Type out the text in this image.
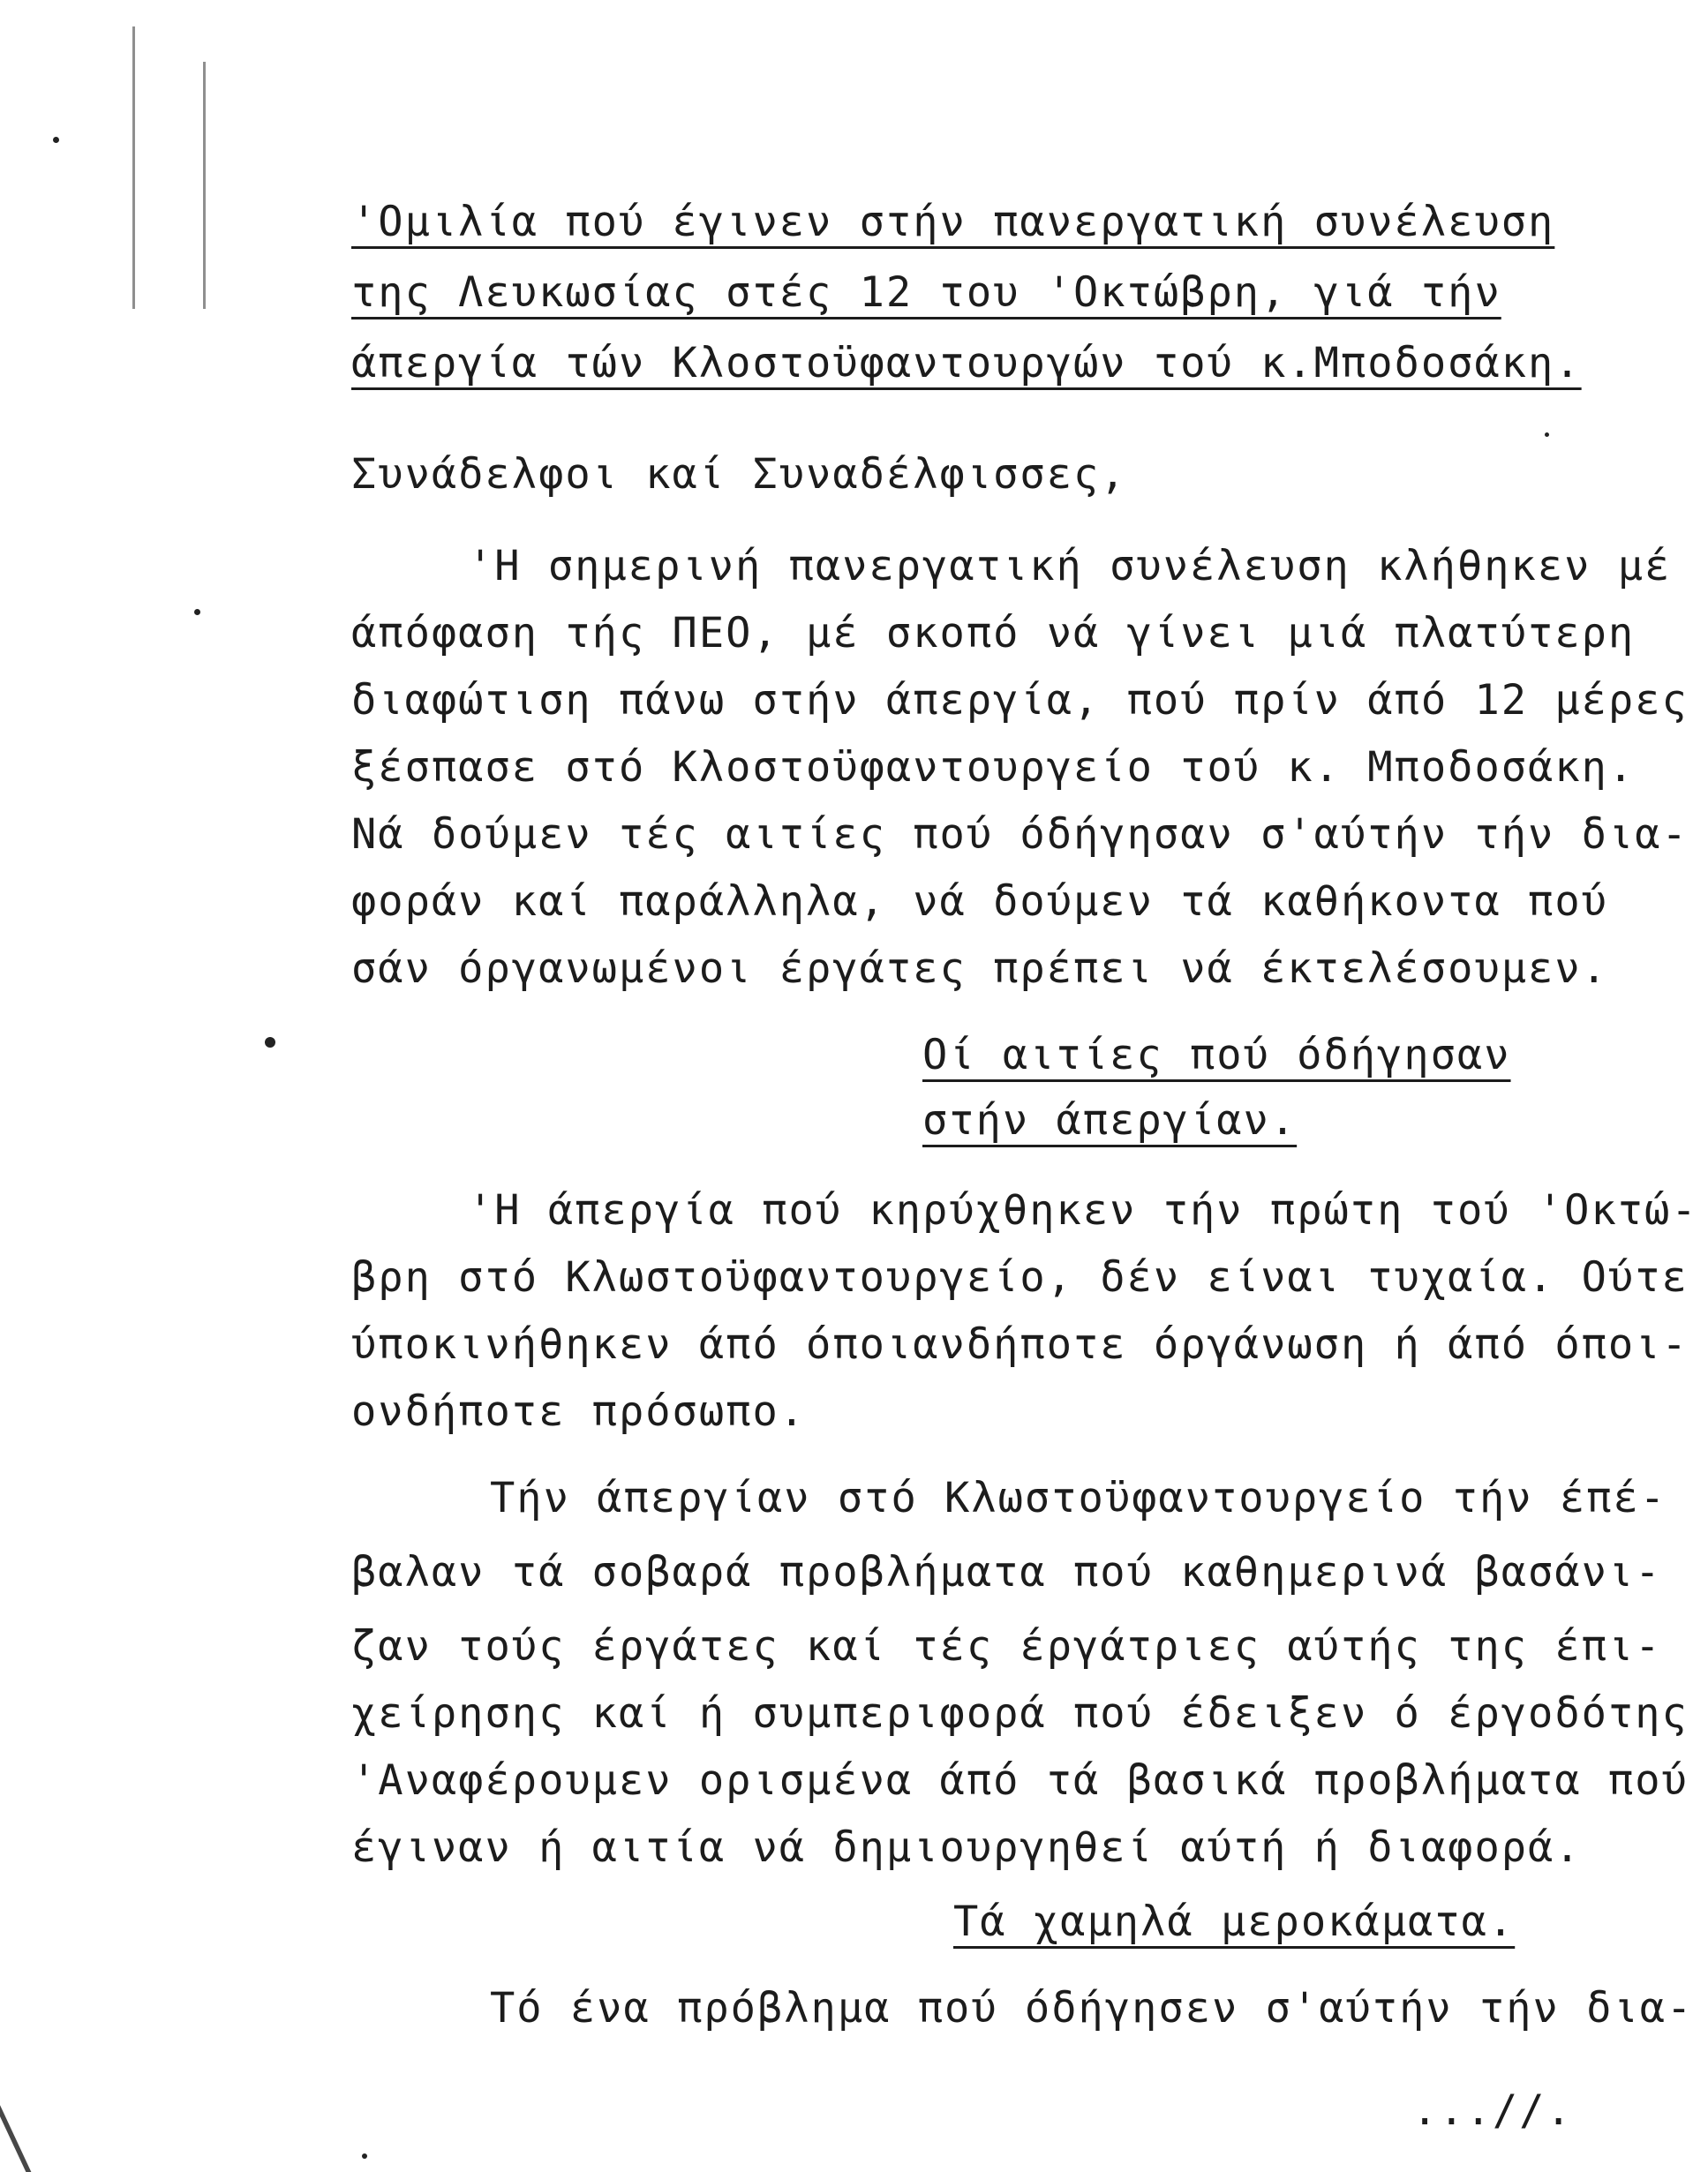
'Ομιλία πού έγινεν στήν πανεργατική συνέλευση
της Λευκωσίας στές 12 του 'Οκτώβρη, γιά τήν
άπεργία τών Κλοστοϋφαντουργών τού κ.Μποδοσάκη.
Συνάδελφοι καί Συναδέλφισσες,
'Η σημερινή πανεργατική συνέλευση κλήθηκεν μέ
άπόφαση τής ΠΕΟ, μέ σκοπό νά γίνει μιά πλατύτερη
διαφώτιση πάνω στήν άπεργία, πού πρίν άπό 12 μέρες
ξέσπασε στό Κλοστοϋφαντουργείο τού κ. Μποδοσάκη.
Νά δούμεν τές αιτίες πού όδήγησαν σ'αύτήν τήν δια-
φοράν καί παράλληλα, νά δούμεν τά καθήκοντα πού
σάν όργανωμένοι έργάτες πρέπει νά έκτελέσουμεν.
Οί αιτίες πού όδήγησαν
στήν άπεργίαν.
'Η άπεργία πού κηρύχθηκεν τήν πρώτη τού 'Οκτώ-
βρη στό Κλωστοϋφαντουργείο, δέν είναι τυχαία. Ούτε
ύποκινήθηκεν άπό όποιανδήποτε όργάνωση ή άπό όποι-
ονδήποτε πρόσωπο.
Τήν άπεργίαν στό Κλωστοϋφαντουργείο τήν έπέ-
βαλαν τά σοβαρά προβλήματα πού καθημερινά βασάνι-
ζαν τούς έργάτες καί τές έργάτριες αύτής της έπι-
χείρησης καί ή συμπεριφορά πού έδειξεν ό έργοδότης
'Αναφέρουμεν ορισμένα άπό τά βασικά προβλήματα πού
έγιναν ή αιτία νά δημιουργηθεί αύτή ή διαφορά.
Τά χαμηλά μεροκάματα.
Τό ένα πρόβλημα πού όδήγησεν σ'αύτήν τήν δια-
...//.
